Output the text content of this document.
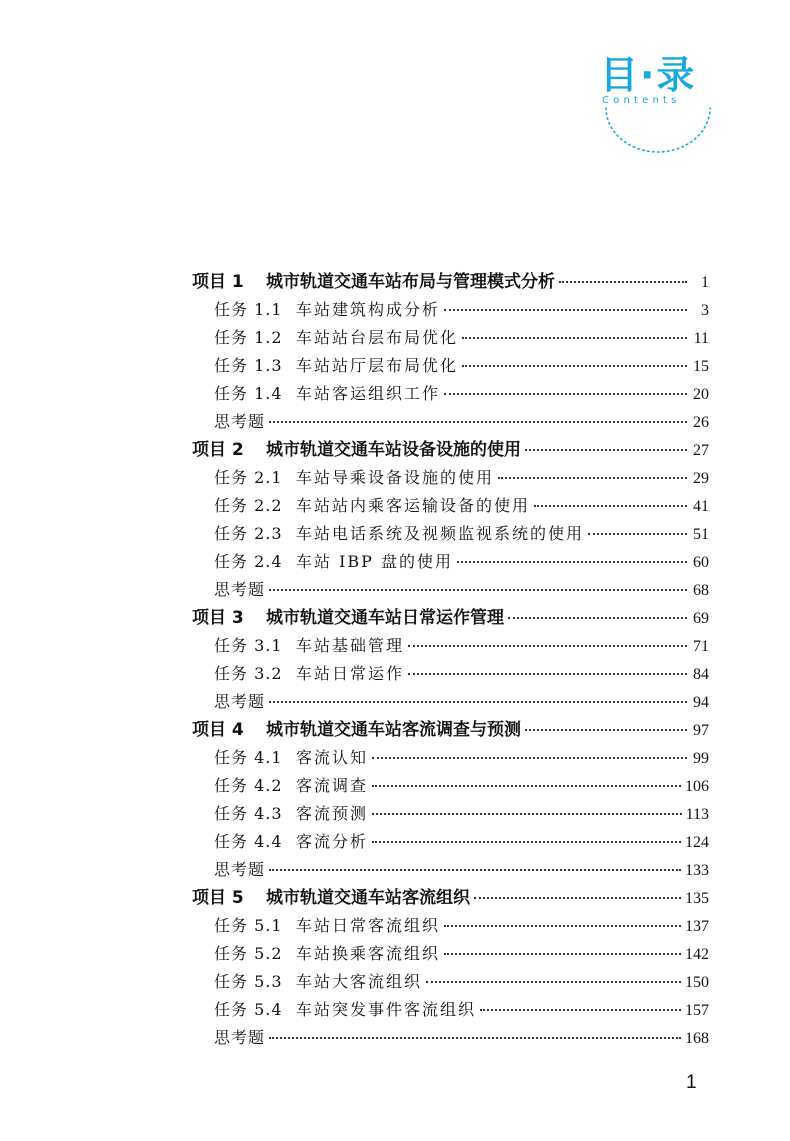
目·录
Contents
项目 1	城市轨道交通车站布局与管理模式分析	1
任务 1.1 车站建筑构成分析	3
任务 1.2 车站站台层布局优化	11
任务 1.3 车站站厅层布局优化	15
任务 1.4 车站客运组织工作	20
思考题	26
项目 2	城市轨道交通车站设备设施的使用	27
任务 2.1 车站导乘设备设施的使用	29
任务 2.2 车站站内乘客运输设备的使用	41
任务 2.3 车站电话系统及视频监视系统的使用	51
任务 2.4 车站 IBP 盘的使用	60
思考题	68
项目 3	城市轨道交通车站日常运作管理	69
任务 3.1 车站基础管理	71
任务 3.2 车站日常运作	84
思考题	94
项目 4	城市轨道交通车站客流调查与预测	97
任务 4.1 客流认知	99
任务 4.2 客流调查	106
任务 4.3 客流预测	113
任务 4.4 客流分析	124
思考题	133
项目 5	城市轨道交通车站客流组织	135
任务 5.1 车站日常客流组织	137
任务 5.2 车站换乘客流组织	142
任务 5.3 车站大客流组织	150
任务 5.4 车站突发事件客流组织	157
思考题	168
1
